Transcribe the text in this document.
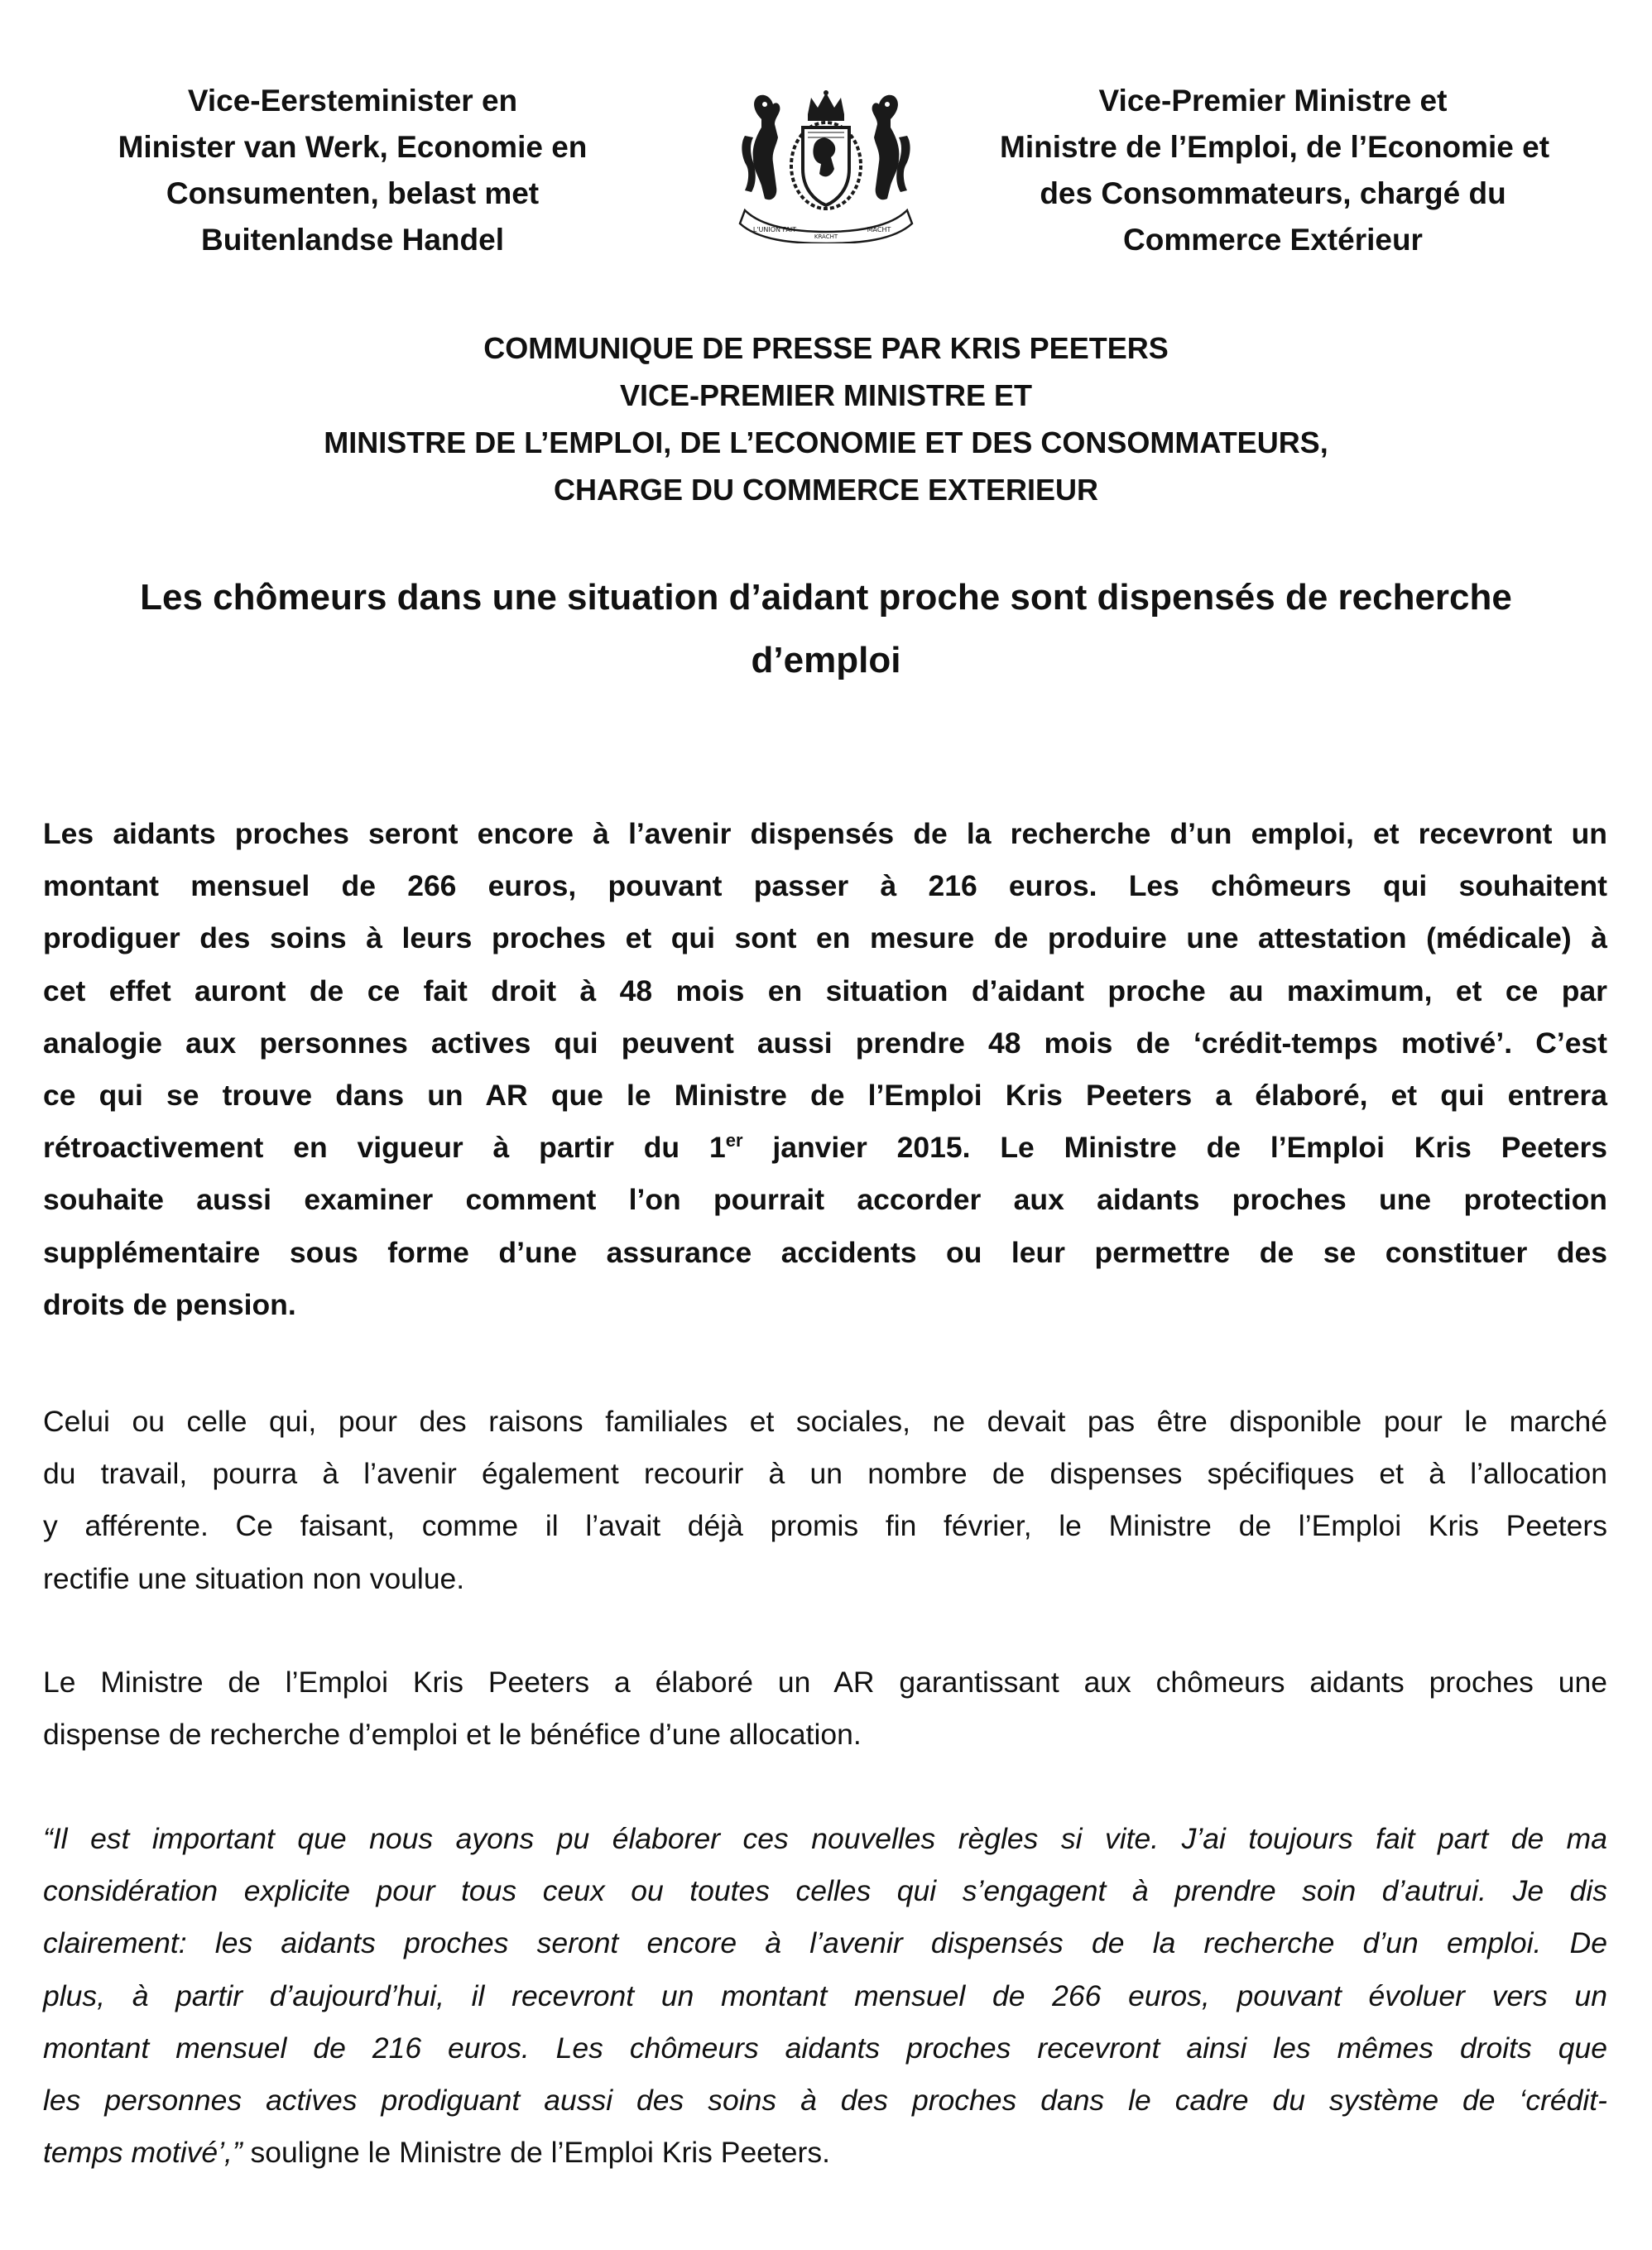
Vice-Eersteminister en
Minister van Werk, Economie en
Consumenten, belast met
Buitenlandse Handel	L'UNION FAIT
KRACHT
MACHT
Vice-Premier Ministre et
Ministre de l’Emploi, de l’Economie et
des Consommateurs, chargé du
Commerce Extérieur
COMMUNIQUE DE PRESSE PAR KRIS PEETERS
VICE-PREMIER MINISTRE ET
MINISTRE DE L’EMPLOI, DE L’ECONOMIE ET DES CONSOMMATEURS,
CHARGE DU COMMERCE EXTERIEUR
Les chômeurs dans une situation d’aidant proche sont dispensés de recherche
d’emploi
Les aidants proches seront encore à l’avenir dispensés de la recherche d’un emploi, et recevront un
montant mensuel de 266 euros, pouvant passer à 216 euros. Les chômeurs qui souhaitent
prodiguer des soins à leurs proches et qui sont en mesure de produire une attestation (médicale) à
cet effet auront de ce fait droit à 48 mois en situation d’aidant proche au maximum, et ce par
analogie aux personnes actives qui peuvent aussi prendre 48 mois de ‘crédit-temps motivé’. C’est
ce qui se trouve dans un AR que le Ministre de l’Emploi Kris Peeters a élaboré, et qui entrera
rétroactivement en vigueur à partir du 1er janvier 2015. Le Ministre de l’Emploi Kris Peeters
souhaite aussi examiner comment l’on pourrait accorder aux aidants proches une protection
supplémentaire sous forme d’une assurance accidents ou leur permettre de se constituer des
droits de pension.
Celui ou celle qui, pour des raisons familiales et sociales, ne devait pas être disponible pour le marché
du travail, pourra à l’avenir également recourir à un nombre de dispenses spécifiques et à l’allocation
y afférente. Ce faisant, comme il l’avait déjà promis fin février, le Ministre de l’Emploi Kris Peeters
rectifie une situation non voulue.
Le Ministre de l’Emploi Kris Peeters a élaboré un AR garantissant aux chômeurs aidants proches une
dispense de recherche d’emploi et le bénéfice d’une allocation.
“Il est important que nous ayons pu élaborer ces nouvelles règles si vite. J’ai toujours fait part de ma
considération explicite pour tous ceux ou toutes celles qui s’engagent à prendre soin d’autrui. Je dis
clairement: les aidants proches seront encore à l’avenir dispensés de la recherche d’un emploi. De
plus, à partir d’aujourd’hui, il recevront un montant mensuel de 266 euros, pouvant évoluer vers un
montant mensuel de 216 euros. Les chômeurs aidants proches recevront ainsi les mêmes droits que
les personnes actives prodiguant aussi des soins à des proches dans le cadre du système de ‘crédit-
temps motivé’,” souligne le Ministre de l’Emploi Kris Peeters.
